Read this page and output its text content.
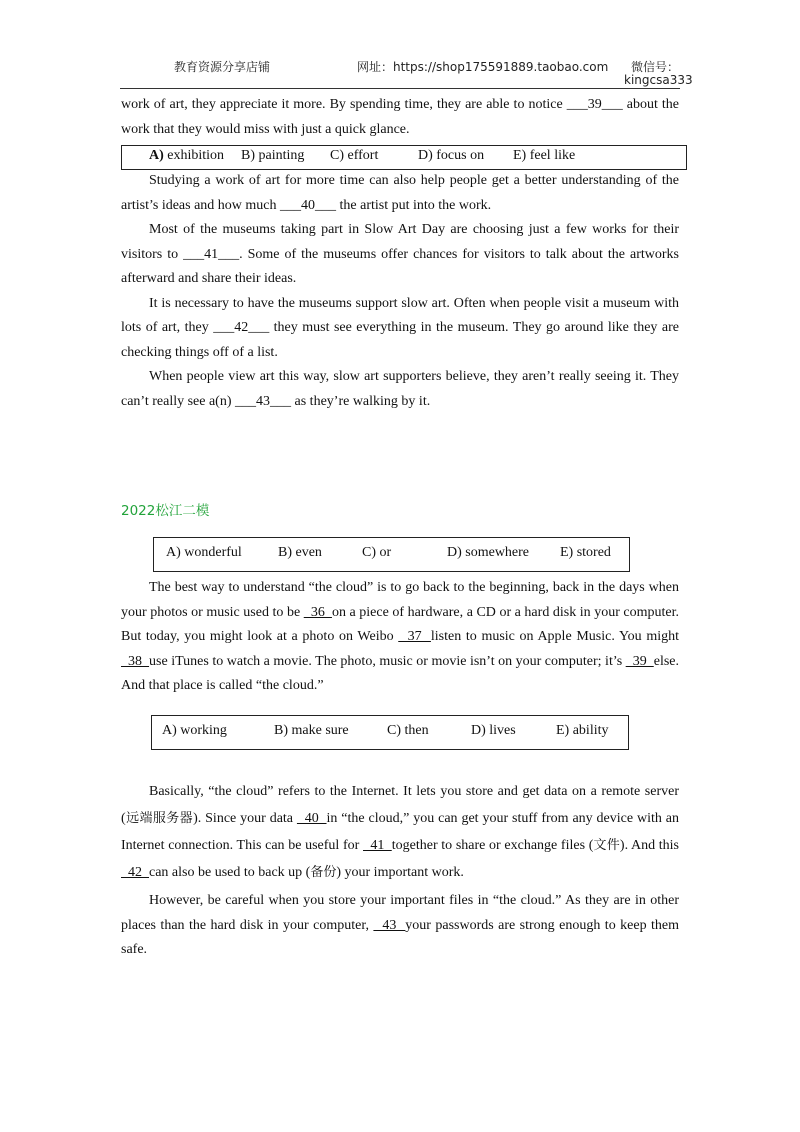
教育资源分享店铺	网址：https://shop175591889.taobao.com 微信号：
kingcsa333

work of art, they appreciate it more. By spending time, they are able to notice ___39___ about the work that they would miss with just a quick glance.

A) exhibition B) painting C) effort	D) focus on E) feel like

Studying a work of art for more time can also help people get a better understanding of the artist’s ideas and how much ___40___ the artist put into the work.

Most of the museums taking part in Slow Art Day are choosing just a few works for their visitors to ___41___. Some of the museums offer chances for visitors to talk about the artworks afterward and share their ideas.

It is necessary to have the museums support slow art. Often when people visit a museum with lots of art, they ___42___ they must see everything in the museum. They go around like they are checking things off of a list.

When people view art this way, slow art supporters believe, they aren’t really seeing it. They can’t really see a(n) ___43___ as they’re walking by it.

2022松江二模
A) wonderful	B) even	C) or	D) somewhere E) stored

The best way to understand “the cloud” is to go back to the beginning, back in the days when your photos or music used to be   36  on a piece of hardware, a CD or a hard disk in your computer. But today, you might look at a photo on Weibo   37  listen to music on Apple Music. You might   38  use iTunes to watch a movie. The photo, music or movie isn’t on your computer; it’s   39  else. And that place is called “the cloud.”

A) working	B) make sure	C) then	D) lives	E) ability

Basically, “the cloud” refers to the Internet. It lets you store and get data on a remote server (远端服务器). Since your data   40  in “the cloud,” you can get your stuff from any device with an Internet connection. This can be useful for   41  together to share or exchange files (文件). And this  42  can also be used to back up (备份) your important work.

However, be careful when you store your important files in “the cloud.” As they are in other places than the hard disk in your computer,   43  your passwords are strong enough to keep them safe.
